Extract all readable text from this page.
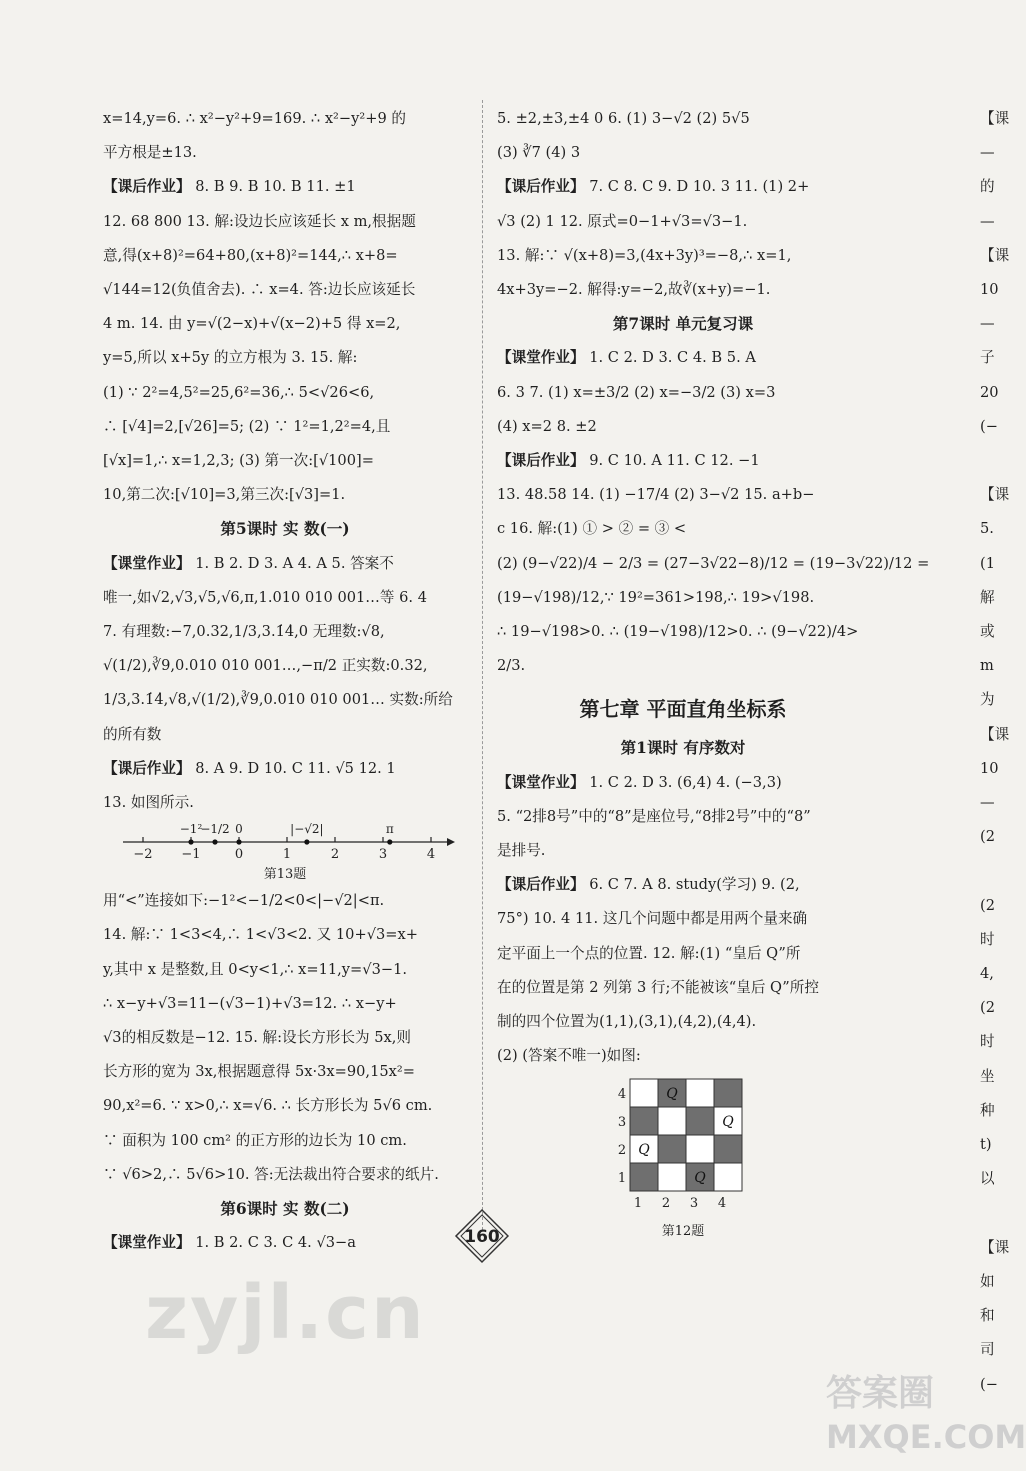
x=14,y=6. ∴ x²−y²+9=169. ∴ x²−y²+9 的

平方根是±13.

【课后作业】 8. B 9. B 10. B 11. ±1

12. 68 800 13. 解:设边长应该延长 x m,根据题

意,得(x+8)²=64+80,(x+8)²=144,∴ x+8=

√144=12(负值舍去). ∴ x=4. 答:边长应该延长

4 m. 14. 由 y=√(2−x)+√(x−2)+5 得 x=2,

y=5,所以 x+5y 的立方根为 3. 15. 解:

(1) ∵ 2²=4,5²=25,6²=36,∴ 5<√26<6,

∴ [√4]=2,[√26]=5; (2) ∵ 1²=1,2²=4,且

[√x]=1,∴ x=1,2,3; (3) 第一次:[√100]=

10,第二次:[√10]=3,第三次:[√3]=1.

第5课时 实 数(一)

【课堂作业】 1. B 2. D 3. A 4. A 5. 答案不

唯一,如√2,√3,√5,√6,π,1.010 010 001…等 6. 4

7. 有理数:−7,0.32,1/3,3.1̇4̇,0 无理数:√8,

√(1/2),∛9,0.010 010 001…,−π/2 正实数:0.32,

1/3,3.1̇4̇,√8,√(1/2),∛9,0.010 010 001… 实数:所给

的所有数

【课后作业】 8. A 9. D 10. C 11. √5 12. 1

13. 如图所示.

−2 −1	0	1	2	3	4
−1²
−1/2 0	|−√2|	π
第13题

用“<”连接如下:−1²<−1/2<0<|−√2|<π.

14. 解:∵ 1<3<4,∴ 1<√3<2. 又 10+√3=x+

y,其中 x 是整数,且 0<y<1,∴ x=11,y=√3−1.

∴ x−y+√3=11−(√3−1)+√3=12. ∴ x−y+

√3的相反数是−12. 15. 解:设长方形长为 5x,则

长方形的宽为 3x,根据题意得 5x·3x=90,15x²=

90,x²=6. ∵ x>0,∴ x=√6. ∴ 长方形长为 5√6 cm.

∵ 面积为 100 cm² 的正方形的边长为 10 cm.

∵ √6>2,∴ 5√6>10. 答:无法裁出符合要求的纸片.

第6课时 实 数(二)

【课堂作业】 1. B 2. C 3. C 4. √3−a

5. ±2,±3,±4 0 6. (1) 3−√2 (2) 5√5

(3) ∛7 (4) 3

【课后作业】 7. C 8. C 9. D 10. 3 11. (1) 2+

√3 (2) 1 12. 原式=0−1+√3=√3−1.

13. 解:∵ √(x+8)=3,(4x+3y)³=−8,∴ x=1,

4x+3y=−2. 解得:y=−2,故∛(x+y)=−1.

第7课时 单元复习课

【课堂作业】 1. C 2. D 3. C 4. B 5. A

6. 3 7. (1) x=±3/2 (2) x=−3/2 (3) x=3

(4) x=2 8. ±2

【课后作业】 9. C 10. A 11. C 12. −1

13. 48.58 14. (1) −17/4 (2) 3−√2 15. a+b−

c 16. 解:(1) ① > ② = ③ <

(2) (9−√22)/4 − 2/3 = (27−3√22−8)/12 = (19−3√22)/12 =

(19−√198)/12,∵ 19²=361>198,∴ 19>√198.

∴ 19−√198>0. ∴ (19−√198)/12>0. ∴ (9−√22)/4>

2/3.

第七章 平面直角坐标系

第1课时 有序数对

【课堂作业】 1. C 2. D 3. (6,4) 4. (−3,3)

5. “2排8号”中的“8”是座位号,“8排2号”中的“8”

是排号.

【课后作业】 6. C 7. A 8. study(学习) 9. (2,

75°) 10. 4 11. 这几个问题中都是用两个量来确

定平面上一个点的位置. 12. 解:(1) “皇后 Q”所

在的位置是第 2 列第 3 行;不能被该“皇后 Q”所控

制的四个位置为(1,1),(3,1),(4,2),(4,4).

(2) (答案不唯一)如图:

Q
Q
Q
Q
4
3
2
1
1 2 3 4
第12题

【课

—

的

—

【课

10

—

子

20

(−

【课

5.

(1

解

或

m

为

【课

10

—

(2

(2

时

4,

(2

时

坐

种

t)

以

【课

如

和

司

(−

160
zyjl.cn
答案圈
MXQE.COM
